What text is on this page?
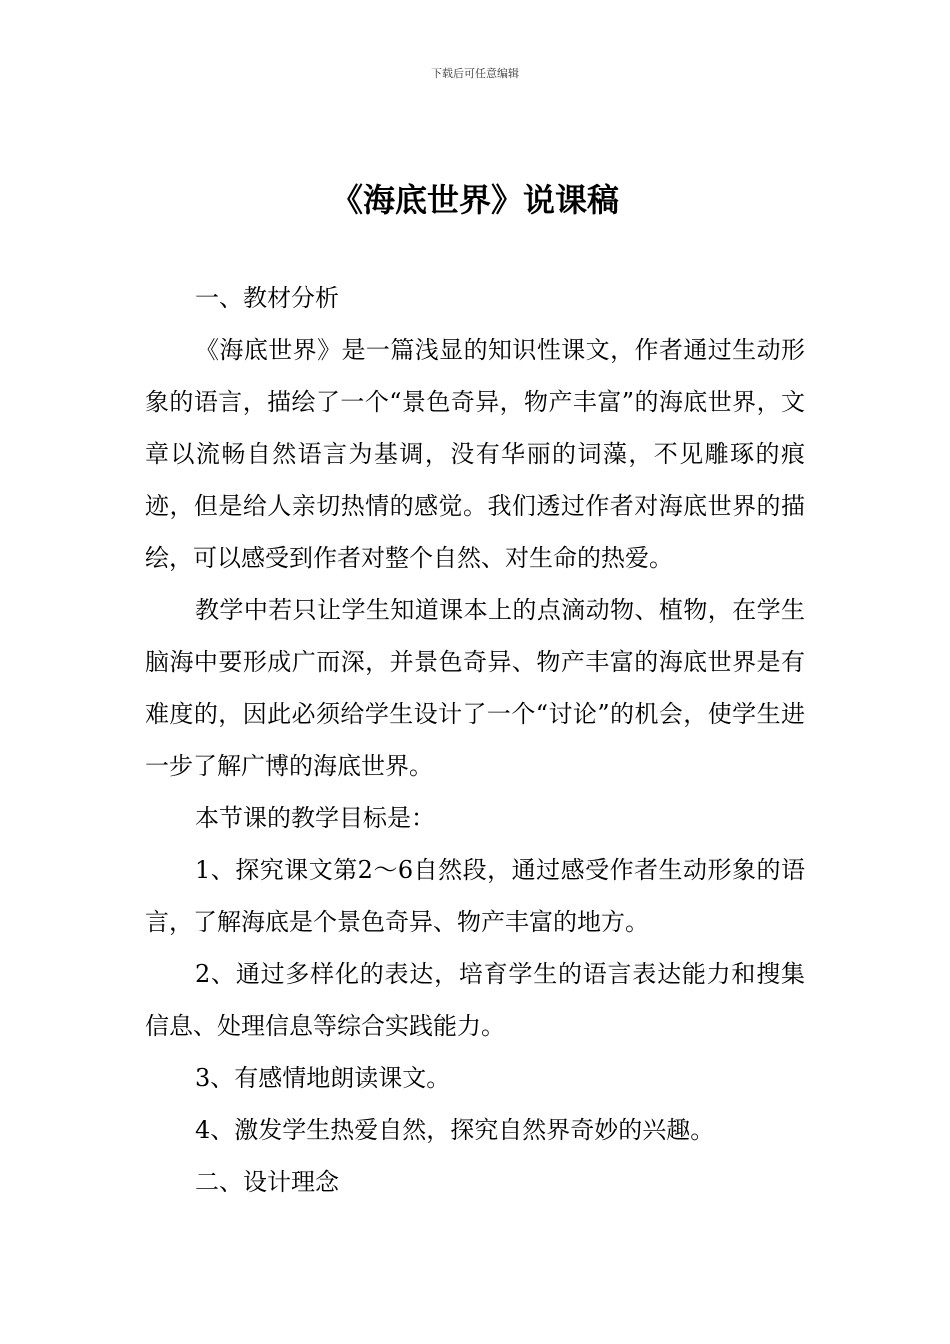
下载后可任意编辑
《海底世界》说课稿

一、教材分析

《海底世界》是一篇浅显的知识性课文，作者通过生动形象的语言，描绘了一个“景色奇异，物产丰富”的海底世界，文章以流畅自然语言为基调，没有华丽的词藻，不见雕琢的痕迹，但是给人亲切热情的感觉。我们透过作者对海底世界的描绘，可以感受到作者对整个自然、对生命的热爱。

教学中若只让学生知道课本上的点滴动物、植物，在学生脑海中要形成广而深，并景色奇异、物产丰富的海底世界是有难度的，因此必须给学生设计了一个“讨论”的机会，使学生进一步了解广博的海底世界。

本节课的教学目标是：

1、探究课文第2～6自然段，通过感受作者生动形象的语言，了解海底是个景色奇异、物产丰富的地方。

2、通过多样化的表达，培育学生的语言表达能力和搜集信息、处理信息等综合实践能力。

3、有感情地朗读课文。

4、激发学生热爱自然，探究自然界奇妙的兴趣。

二、设计理念
